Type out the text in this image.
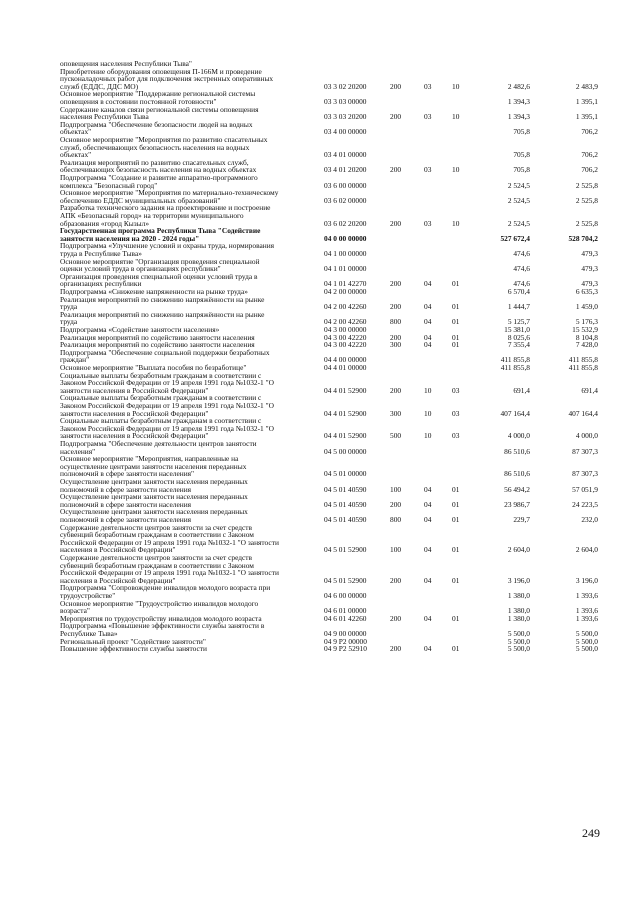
оповещения населения Республики Тыва"
Приобретение оборудования оповещения П-166М и проведение
пусконаладочных работ для подключения экстренных оперативных
служб (ЕДДС, ДДС МО)	03 3 02 20200	200	03	10	2 482,6	2 483,9
Основное мероприятие "Поддержание региональной системы
оповещения в состоянии постоянной готовности"	03 3 03 00000	1 394,3	1 395,1
Содержание каналов связи региональной системы оповещения
населения Республики Тыва	03 3 03 20200	200	03	10	1 394,3	1 395,1
Подпрограмма "Обеспечение безопасности людей на водных
объектах"	03 4 00 00000	705,8	706,2
Основное мероприятие "Мероприятия по развитию спасательных
служб, обеспечивающих безопасность населения на водных
объектах"	03 4 01 00000	705,8	706,2
Реализация мероприятий по развитию спасательных служб,
обеспечивающих безопасность населения на водных объектах	03 4 01 20200	200	03	10	705,8	706,2
Подпрограмма "Создание и развитие аппаратно-программного
комплекса "Безопасный город"	03 6 00 00000	2 524,5	2 525,8
Основное мероприятие "Мероприятия по материально-техническому
обеспечению ЕДДС муниципальных образований"	03 6 02 00000	2 524,5	2 525,8
Разработка технического задания на проектирование и построение
АПК «Безопасный город» на территории муниципального
образования «город Кызыл»	03 6 02 20200	200	03	10	2 524,5	2 525,8
Государственная программа Республики Тыва "Содействие
занятости населения на 2020 - 2024 годы"	04 0 00 00000	527 672,4	528 704,2
Подпрограмма «Улучшение условий и охраны труда, нормирования
труда в Республике Тыва»	04 1 00 00000	474,6	479,3
Основное мероприятие "Организация проведения специальной
оценки условий труда в организациях республики"	04 1 01 00000	474,6	479,3
Организация проведения специальной оценки условий труда в
организациях республики	04 1 01 42270	200	04	01	474,6	479,3
Подпрограмма «Снижение напряженности на рынке труда»	04 2 00 00000	6 570,4	6 635,3
Реализация мероприятий по снижению напряжённости на рынке
труда	04 2 00 42260	200	04	01	1 444,7	1 459,0
Реализация мероприятий по снижению напряжённости на рынке
труда	04 2 00 42260	800	04	01	5 125,7	5 176,3
Подпрограмма «Содействие занятости населения»	04 3 00 00000	15 381,0	15 532,9
Реализация мероприятий по содействию занятости населения	04 3 00 42220	200	04	01	8 025,6	8 104,8
Реализация мероприятий по содействию занятости населения	04 3 00 42220	300	04	01	7 355,4	7 428,0
Подпрограмма "Обеспечение социальной поддержки безработных
граждан"	04 4 00 00000	411 855,8	411 855,8
Основное мероприятие "Выплата пособия по безработице"	04 4 01 00000	411 855,8	411 855,8
Социальные выплаты безработным гражданам в соответствии с
Законом Российской Федерации от 19 апреля 1991 года №1032-1 "О
занятости населения в Российской Федерации"	04 4 01 52900	200	10	03	691,4	691,4
Социальные выплаты безработным гражданам в соответствии с
Законом Российской Федерации от 19 апреля 1991 года №1032-1 "О
занятости населения в Российской Федерации"	04 4 01 52900	300	10	03	407 164,4	407 164,4
Социальные выплаты безработным гражданам в соответствии с
Законом Российской Федерации от 19 апреля 1991 года №1032-1 "О
занятости населения в Российской Федерации"	04 4 01 52900	500	10	03	4 000,0	4 000,0
Подпрограмма "Обеспечение деятельности центров занятости
населения"	04 5 00 00000	86 510,6	87 307,3
Основное мероприятие "Мероприятия, направленные на
осуществление центрами занятости населения переданных
полномочий в сфере занятости населения"	04 5 01 00000	86 510,6	87 307,3
Осуществление центрами занятости населения переданных
полномочий в сфере занятости населения	04 5 01 40590	100	04	01	56 494,2	57 051,9
Осуществление центрами занятости населения переданных
полномочий в сфере занятости населения	04 5 01 40590	200	04	01	23 986,7	24 223,5
Осуществление центрами занятости населения переданных
полномочий в сфере занятости населения	04 5 01 40590	800	04	01	229,7	232,0
Содержание деятельности центров занятости за счет средств
субвенций безработным гражданам в соответствии с Законом
Российской Федерации от 19 апреля 1991 года №1032-1 "О занятости
населения в Российской Федерации"	04 5 01 52900	100	04	01	2 604,0	2 604,0
Содержание деятельности центров занятости за счет средств
субвенций безработным гражданам в соответствии с Законом
Российской Федерации от 19 апреля 1991 года №1032-1 "О занятости
населения в Российской Федерации"	04 5 01 52900	200	04	01	3 196,0	3 196,0
Подпрограмма "Сопровождение инвалидов молодого возраста при
трудоустройстве"	04 6 00 00000	1 380,0	1 393,6
Основное мероприятие "Трудоустройство инвалидов молодого
возраста"	04 6 01 00000	1 380,0	1 393,6
Мероприятия по трудоустройству инвалидов молодого возраста	04 6 01 42260	200	04	01	1 380,0	1 393,6
Подпрограмма «Повышение эффективности службы занятости в
Республике Тыва»	04 9 00 00000	5 500,0	5 500,0
Региональный проект "Содействие занятости"	04 9 P2 00000	5 500,0	5 500,0
Повышение эффективности службы занятости	04 9 P2 52910	200	04	01	5 500,0	5 500,0
249
